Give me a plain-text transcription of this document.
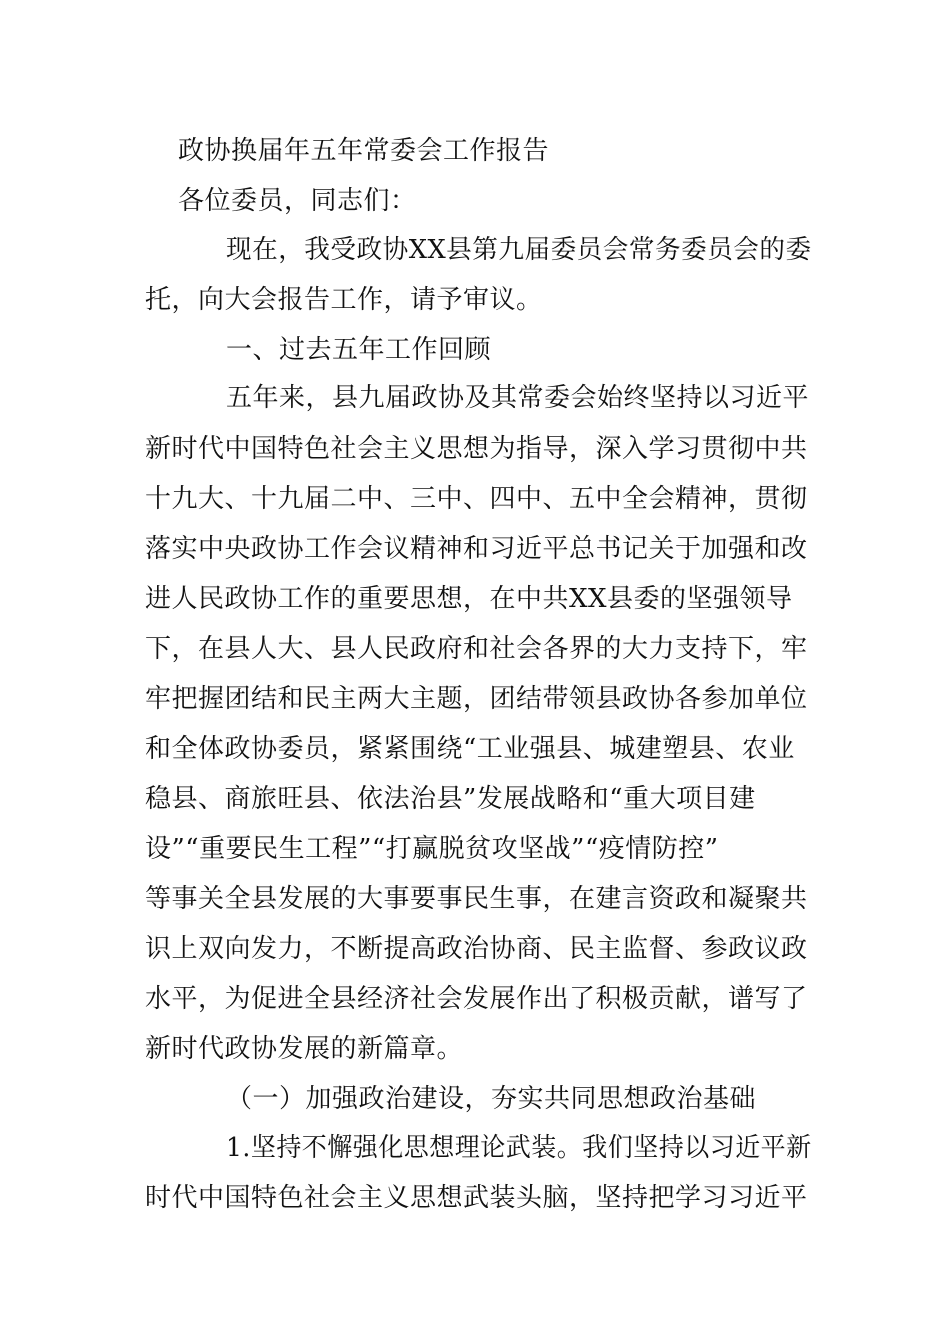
政协换届年五年常委会工作报告
各位委员，同志们：
现在，我受政协XX县第九届委员会常务委员会的委
托，向大会报告工作，请予审议。
一、过去五年工作回顾
五年来，县九届政协及其常委会始终坚持以习近平
新时代中国特色社会主义思想为指导，深入学习贯彻中共
十九大、十九届二中、三中、四中、五中全会精神，贯彻
落实中央政协工作会议精神和习近平总书记关于加强和改
进人民政协工作的重要思想，在中共XX县委的坚强领导
下，在县人大、县人民政府和社会各界的大力支持下，牢
牢把握团结和民主两大主题，团结带领县政协各参加单位
和全体政协委员，紧紧围绕“工业强县、城建塑县、农业
稳县、商旅旺县、依法治县”发展战略和“重大项目建
设”“重要民生工程”“打赢脱贫攻坚战”“疫情防控”
等事关全县发展的大事要事民生事，在建言资政和凝聚共
识上双向发力，不断提高政治协商、民主监督、参政议政
水平，为促进全县经济社会发展作出了积极贡献，谱写了
新时代政协发展的新篇章。
（一）加强政治建设，夯实共同思想政治基础
1.坚持不懈强化思想理论武装。我们坚持以习近平新
时代中国特色社会主义思想武装头脑，坚持把学习习近平
